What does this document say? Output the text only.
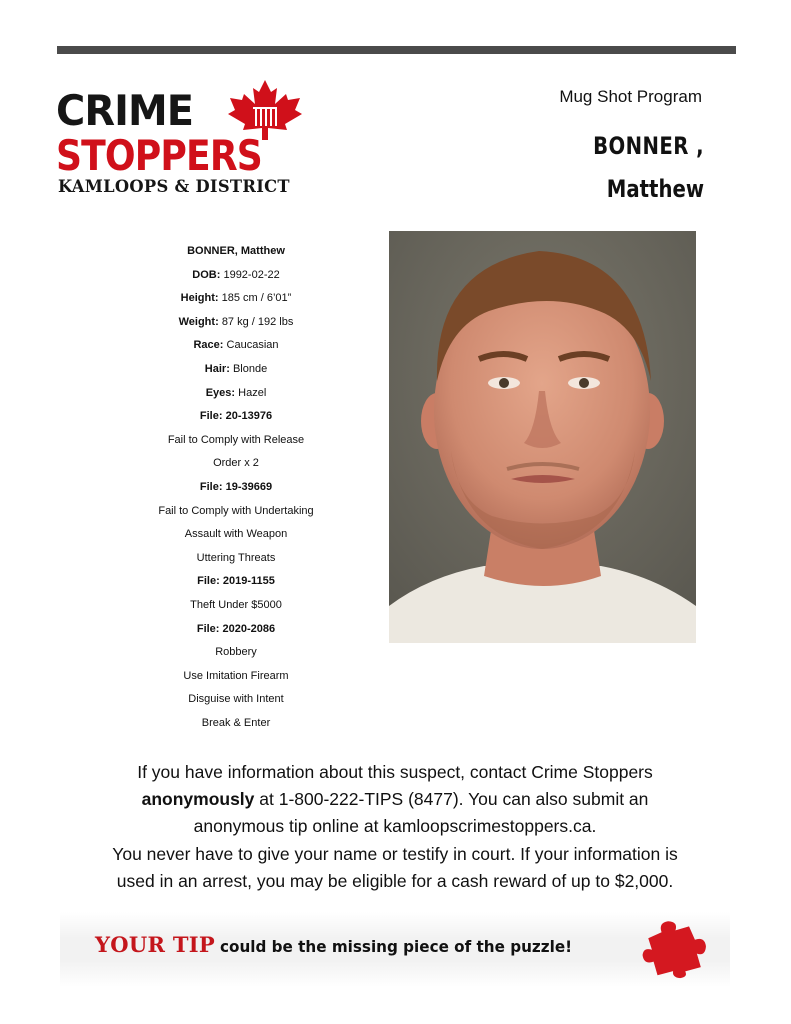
CRIME
STOPPERS
KAMLOOPS & DISTRICT
Mug Shot Program
BONNER ,
Matthew
BONNER, Matthew
DOB: 1992-02-22
Height: 185 cm / 6’01”
Weight: 87 kg / 192 lbs
Race: Caucasian
Hair: Blonde
Eyes: Hazel
File: 20-13976
Fail to Comply with Release
Order x 2
File: 19-39669
Fail to Comply with Undertaking
Assault with Weapon
Uttering Threats
File: 2019-1155
Theft Under $5000
File: 2020-2086
Robbery
Use Imitation Firearm
Disguise with Intent
Break & Enter
If you have information about this suspect, contact Crime Stoppers
anonymously at 1-800-222-TIPS (8477). You can also submit an
anonymous tip online at kamloopscrimestoppers.ca.
You never have to give your name or testify in court. If your information is
used in an arrest, you may be eligible for a cash reward of up to $2,000.
YOUR TIP could be the missing piece of the puzzle!
